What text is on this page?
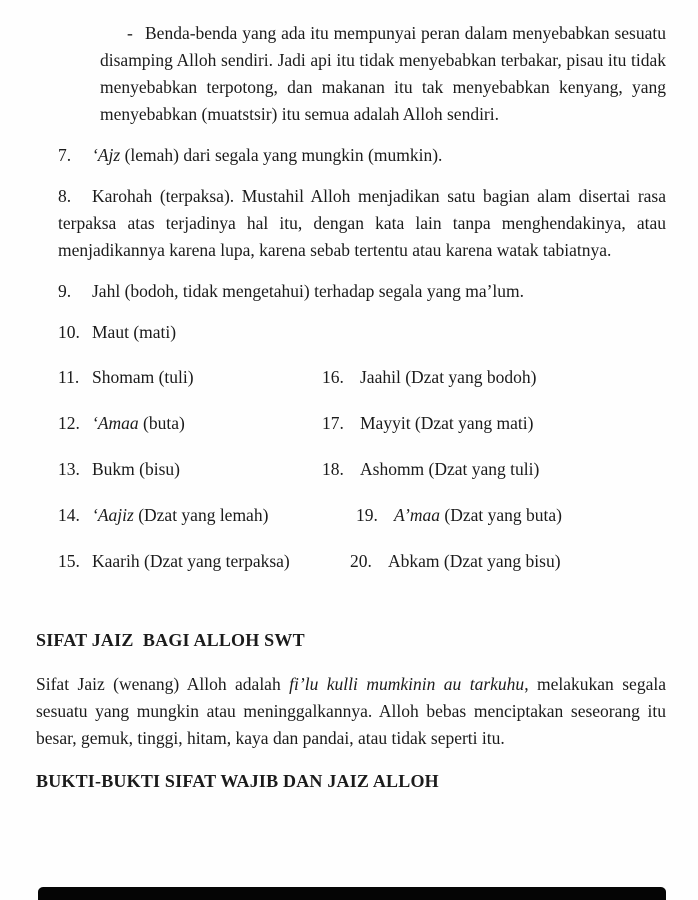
- Benda-benda yang ada itu mempunyai peran dalam menyebabkan sesuatu disamping Alloh sendiri. Jadi api itu tidak menyebabkan terbakar, pisau itu tidak menyebabkan terpotong, dan makanan itu tak menyebabkan kenyang, yang menyebabkan (muatstsir) itu semua adalah Alloh sendiri.

7. ‘Ajz (lemah) dari segala yang mungkin (mumkin).

8. Karohah (terpaksa). Mustahil Alloh menjadikan satu bagian alam disertai rasa terpaksa atas terjadinya hal itu, dengan kata lain tanpa menghendakinya, atau menjadikannya karena lupa, karena sebab tertentu atau karena watak tabiatnya.

9. Jahl (bodoh, tidak mengetahui) terhadap segala yang ma’lum.

10. Maut (mati)

11. Shomam (tuli)	16. Jaahil (Dzat yang bodoh)
12. ‘Amaa (buta)	17. Mayyit (Dzat yang mati)
13. Bukm (bisu)	18. Ashomm (Dzat yang tuli)
14. ‘Aajiz (Dzat yang lemah)	19. A’maa (Dzat yang buta)
15. Kaarih (Dzat yang terpaksa)	20. Abkam (Dzat yang bisu)
SIFAT JAIZ  BAGI ALLOH SWT

Sifat Jaiz (wenang) Alloh adalah fi’lu kulli mumkinin au tarkuhu, melakukan segala sesuatu yang mungkin atau meninggalkannya. Alloh bebas menciptakan seseorang itu besar, gemuk, tinggi, hitam, kaya dan pandai, atau tidak seperti itu.

BUKTI-BUKTI SIFAT WAJIB DAN JAIZ ALLOH
